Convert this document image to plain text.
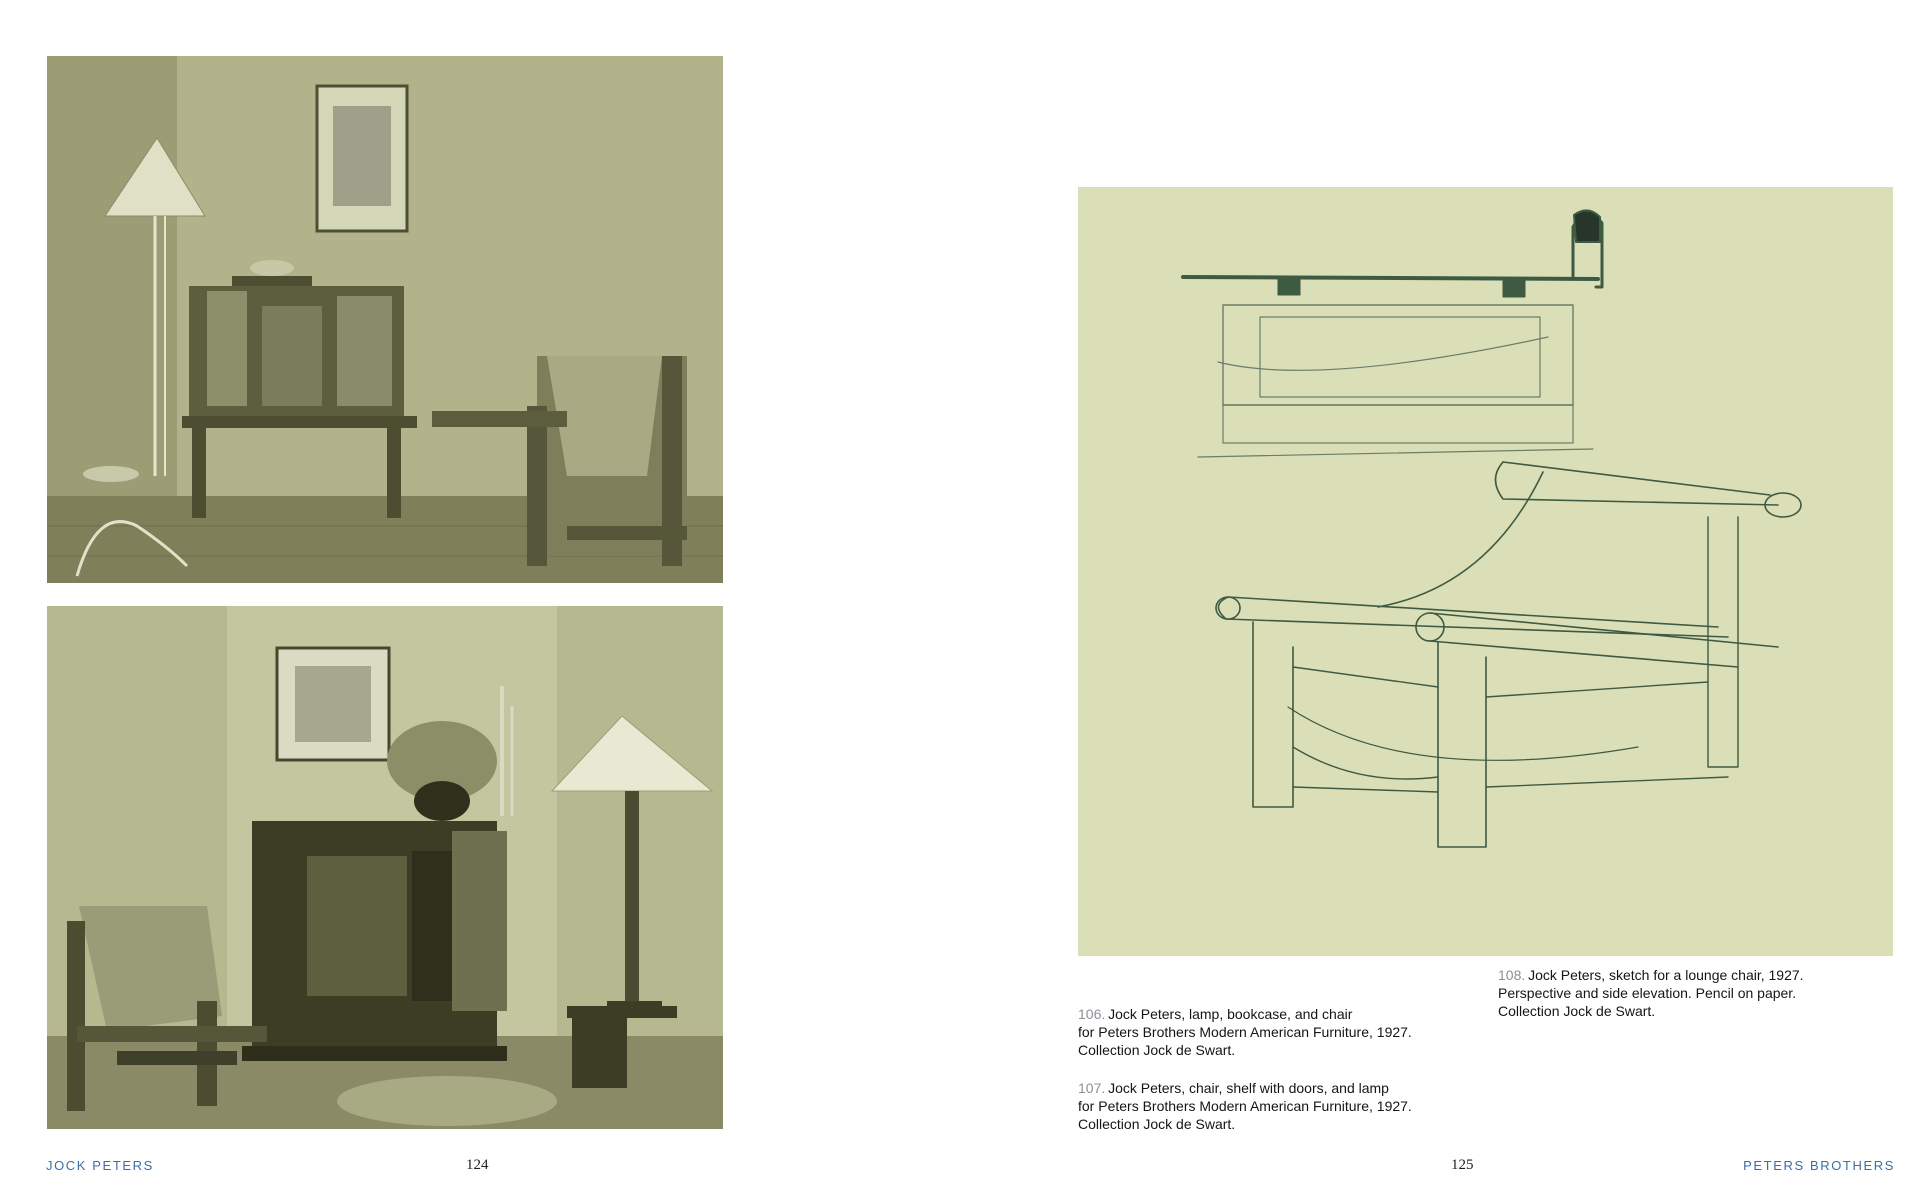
106.  Jock Peters, lamp, bookcase, and chair
for Peters Brothers Modern American Furniture, 1927.
Collection Jock de Swart.
107.  Jock Peters, chair, shelf with doors, and lamp
for Peters Brothers Modern American Furniture, 1927.
Collection Jock de Swart.
108.  Jock Peters, sketch for a lounge chair, 1927.
Perspective and side elevation. Pencil on paper.
Collection Jock de Swart.
JOCK PETERS	124	125	PETERS BROTHERS
